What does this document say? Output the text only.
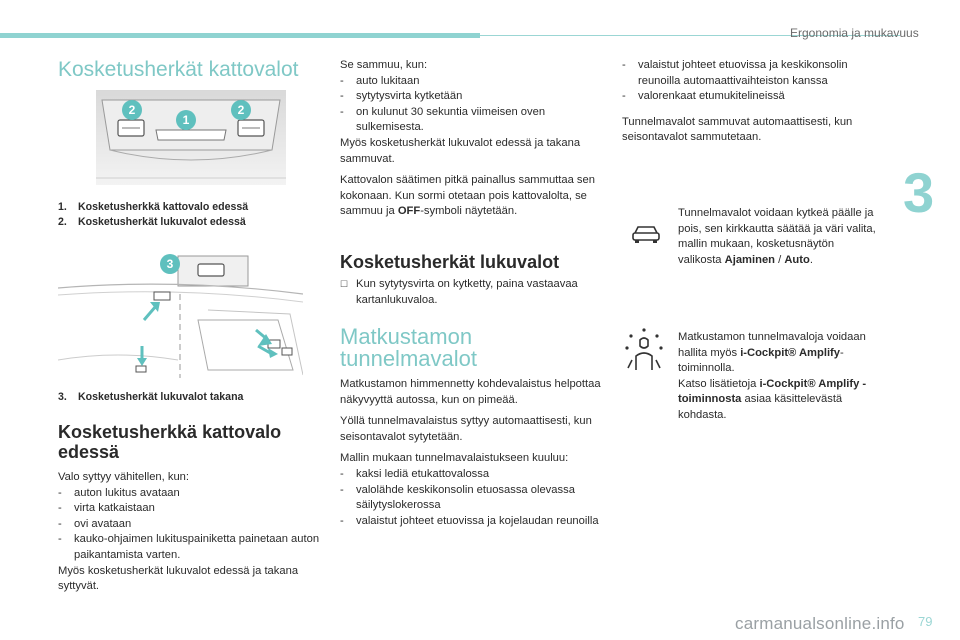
Ergonomia ja mukavuus
3
Kosketusherkät kattovalot
2
1
2
1. Kosketusherkkä kattovalo edessä
2. Kosketusherkät lukuvalot edessä
3
3. Kosketusherkät lukuvalot takana
Kosketusherkkä kattovalo
edessä

Valo syttyy vähitellen, kun:

-	auton lukitus avataan
-	virta katkaistaan
-	ovi avataan
-	kauko-ohjaimen lukituspainiketta painetaan auton paikantamista varten.

Myös kosketusherkät lukuvalot edessä ja takana syttyvät.

Se sammuu, kun:

-	auto lukitaan
-	sytytysvirta kytketään
-	on kulunut 30 sekuntia viimeisen oven sulkemisesta.

Myös kosketusherkät lukuvalot edessä ja takana sammuvat.

Kattovalon säätimen pitkä painallus sammuttaa sen kokonaan. Kun sormi otetaan pois kattovalolta, se sammuu ja OFF-symboli näytetään.

Kosketusherkät lukuvalot
☐ Kun sytytysvirta on kytketty, paina vastaavaa kartanlukuvaloa.
Matkustamon
tunnelmavalot

Matkustamon himmennetty kohdevalaistus helpottaa näkyvyyttä autossa, kun on pimeää.

Yöllä tunnelmavalaistus syttyy automaattisesti, kun seisontavalot sytytetään.

Mallin mukaan tunnelmavalaistukseen kuuluu:

-	kaksi lediä etukattovalossa
-	valolähde keskikonsolin etuosassa olevassa säilytyslokerossa
-	valaistut johteet etuovissa ja kojelaudan reunoilla
-	valaistut johteet etuovissa ja keskikonsolin reunoilla automaattivaihteiston kanssa
-	valorenkaat etumukitelineissä

Tunnelmavalot sammuvat automaattisesti, kun seisontavalot sammutetaan.

Tunnelmavalot voidaan kytkeä päälle ja pois, sen kirkkautta säätää ja väri valita, mallin mukaan, kosketusnäytön valikosta Ajaminen / Auto.

Matkustamon tunnelmavaloja voidaan hallita myös i-Cockpit® Amplify-toiminnolla.

Katso lisätietoja i-Cockpit® Amplify -toiminnosta asiaa käsittelevästä kohdasta.

carmanualsonline.info 79
